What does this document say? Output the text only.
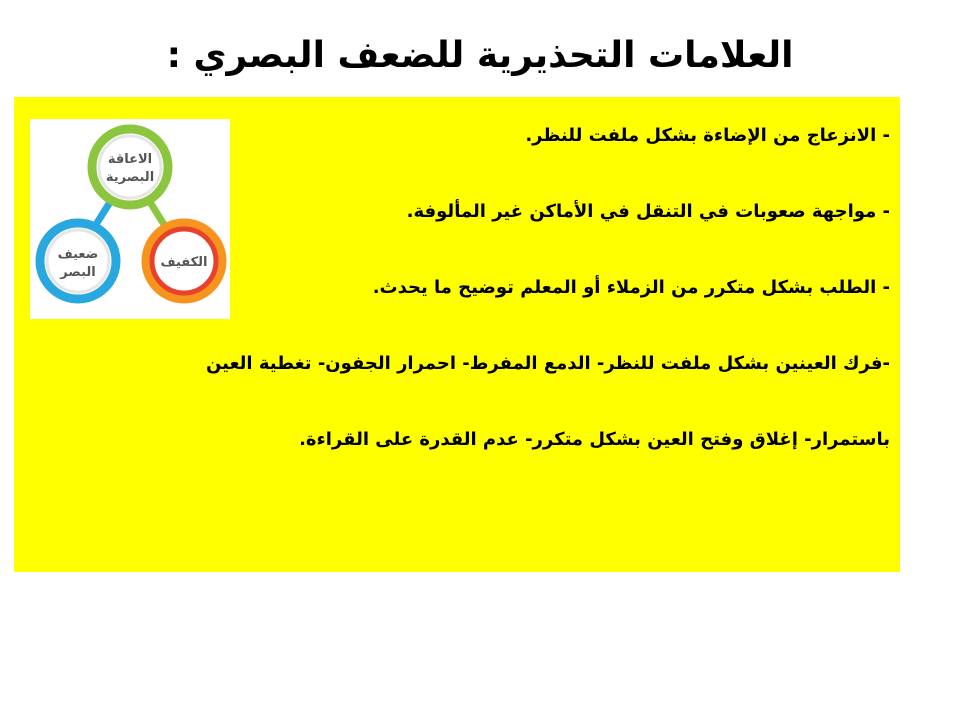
العلامات التحذيرية للضعف البصري :
- الانزعاج من الإضاءة بشكل ملفت للنظر.
- مواجهة صعوبات في التنقل في الأماكن غير المألوفة.
- الطلب بشكل متكرر من الزملاء أو المعلم توضيح ما يحدث.
-فرك العينين بشكل ملفت للنظر- الدمع المفرط- احمرار الجفون- تغطية العين
باستمرار- إغلاق وفتح العين بشكل متكرر- عدم القدرة على القراءة.
الاعاقة
البصرية
ضعيف
البصر
الكفيف
